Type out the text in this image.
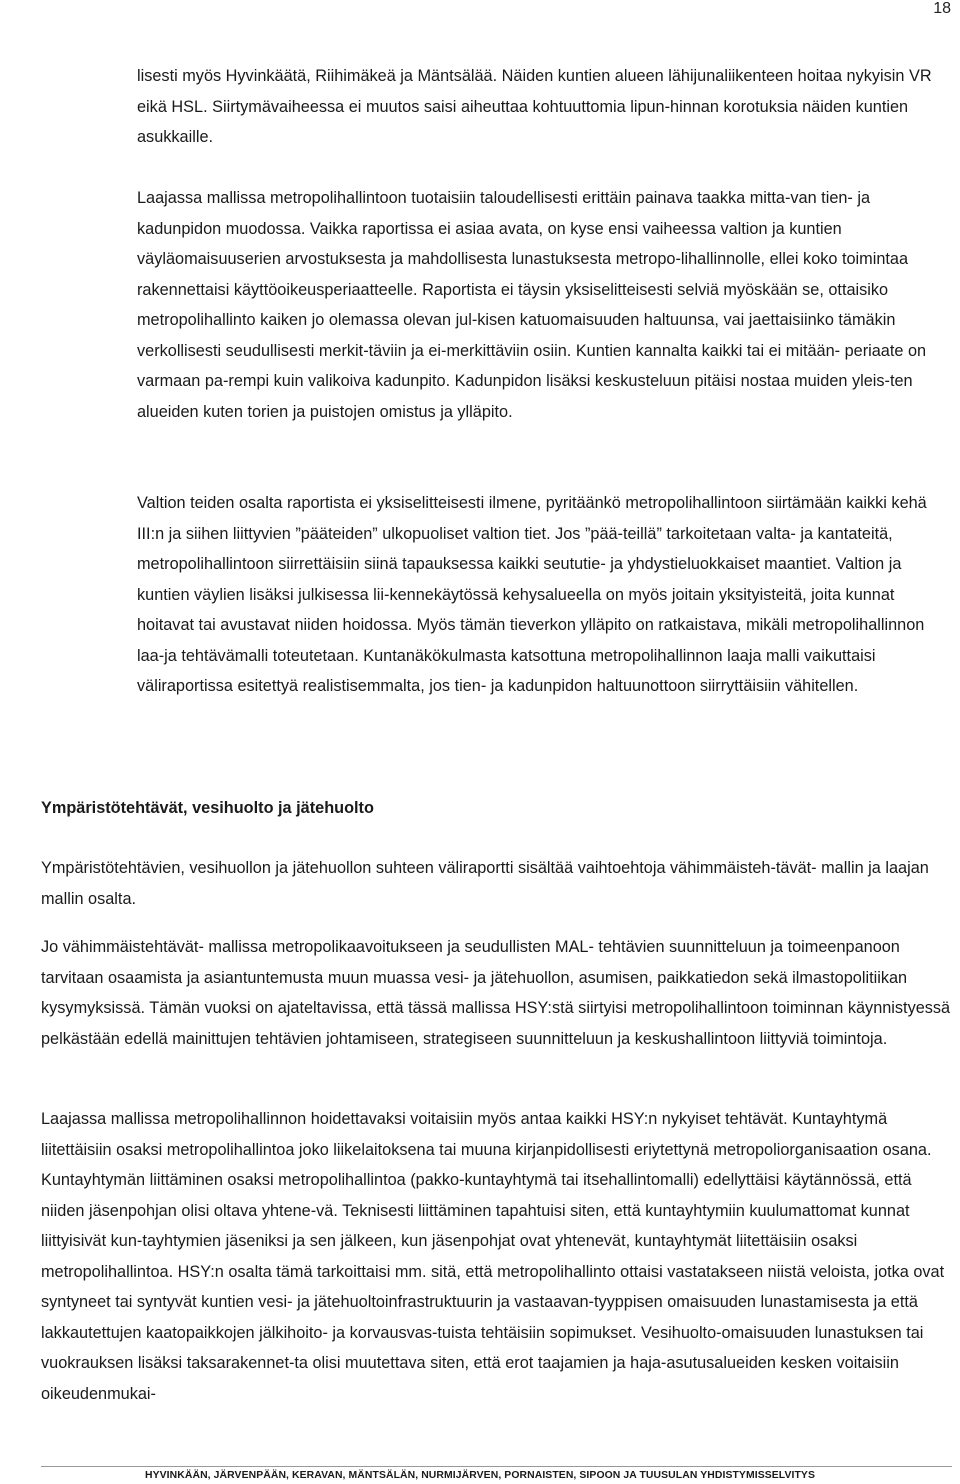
18

lisesti myös Hyvinkäätä, Riihimäkeä ja Mäntsälää. Näiden kuntien alueen lähijunaliikenteen hoitaa nykyisin VR eikä HSL. Siirtymävaiheessa ei muutos saisi aiheuttaa kohtuuttomia lipun-hinnan korotuksia näiden kuntien asukkaille.

Laajassa mallissa metropolihallintoon tuotaisiin taloudellisesti erittäin painava taakka mitta-van tien- ja kadunpidon muodossa. Vaikka raportissa ei asiaa avata, on kyse ensi vaiheessa valtion ja kuntien väyläomaisuuserien arvostuksesta ja mahdollisesta lunastuksesta metropo-lihallinnolle, ellei koko toimintaa rakennettaisi käyttöoikeusperiaatteelle. Raportista ei täysin yksiselitteisesti selviä myöskään se, ottaisiko metropolihallinto kaiken jo olemassa olevan jul-kisen katuomaisuuden haltuunsa, vai jaettaisiinko tämäkin verkollisesti seudullisesti merkit-täviin ja ei-merkittäviin osiin. Kuntien kannalta kaikki tai ei mitään- periaate on varmaan pa-rempi kuin valikoiva kadunpito. Kadunpidon lisäksi keskusteluun pitäisi nostaa muiden yleis-ten alueiden kuten torien ja puistojen omistus ja ylläpito.

Valtion teiden osalta raportista ei yksiselitteisesti ilmene, pyritäänkö metropolihallintoon siirtämään kaikki kehä III:n ja siihen liittyvien ”pääteiden” ulkopuoliset valtion tiet. Jos ”pää-teillä” tarkoitetaan valta- ja kantateitä, metropolihallintoon siirrettäisiin siinä tapauksessa kaikki seututie- ja yhdystieluokkaiset maantiet. Valtion ja kuntien väylien lisäksi julkisessa lii-kennekäytössä kehysalueella on myös joitain yksityisteitä, joita kunnat hoitavat tai avustavat niiden hoidossa. Myös tämän tieverkon ylläpito on ratkaistava, mikäli metropolihallinnon laa-ja tehtävämalli toteutetaan. Kuntanäkökulmasta katsottuna metropolihallinnon laaja malli vaikuttaisi väliraportissa esitettyä realistisemmalta, jos tien- ja kadunpidon haltuunottoon siirryttäisiin vähitellen.

Ympäristötehtävät, vesihuolto ja jätehuolto

Ympäristötehtävien, vesihuollon ja jätehuollon suhteen väliraportti sisältää vaihtoehtoja vähimmäisteh-tävät- mallin ja laajan mallin osalta.

Jo vähimmäistehtävät- mallissa metropolikaavoitukseen ja seudullisten MAL- tehtävien suunnitteluun ja toimeenpanoon tarvitaan osaamista ja asiantuntemusta muun muassa vesi- ja jätehuollon, asumisen, paikkatiedon sekä ilmastopolitiikan kysymyksissä. Tämän vuoksi on ajateltavissa, että tässä mallissa HSY:stä siirtyisi metropolihallintoon toiminnan käynnistyessä pelkästään edellä mainittujen tehtävien johtamiseen, strategiseen suunnitteluun ja keskushallintoon liittyviä toimintoja.

Laajassa mallissa metropolihallinnon hoidettavaksi voitaisiin myös antaa kaikki HSY:n nykyiset tehtävät. Kuntayhtymä liitettäisiin osaksi metropolihallintoa joko liikelaitoksena tai muuna kirjanpidollisesti eriytettynä metropoliorganisaation osana. Kuntayhtymän liittäminen osaksi metropolihallintoa (pakko-kuntayhtymä tai itsehallintomalli) edellyttäisi käytännössä, että niiden jäsenpohjan olisi oltava yhtene-vä. Teknisesti liittäminen tapahtuisi siten, että kuntayhtymiin kuulumattomat kunnat liittyisivät kun-tayhtymien jäseniksi ja sen jälkeen, kun jäsenpohjat ovat yhtenevät, kuntayhtymät liitettäisiin osaksi metropolihallintoa. HSY:n osalta tämä tarkoittaisi mm. sitä, että metropolihallinto ottaisi vastatakseen niistä veloista, jotka ovat syntyneet tai syntyvät kuntien vesi- ja jätehuoltoinfrastruktuurin ja vastaavan-tyyppisen omaisuuden lunastamisesta ja että lakkautettujen kaatopaikkojen jälkihoito- ja korvausvas-tuista tehtäisiin sopimukset. Vesihuolto-omaisuuden lunastuksen tai vuokrauksen lisäksi taksarakennet-ta olisi muutettava siten, että erot taajamien ja haja-asutusalueiden kesken voitaisiin oikeudenmukai-

HYVINKÄÄN, JÄRVENPÄÄN, KERAVAN, MÄNTSÄLÄN, NURMIJÄRVEN, PORNAISTEN, SIPOON JA TUUSULAN YHDISTYMISSELVITYS
